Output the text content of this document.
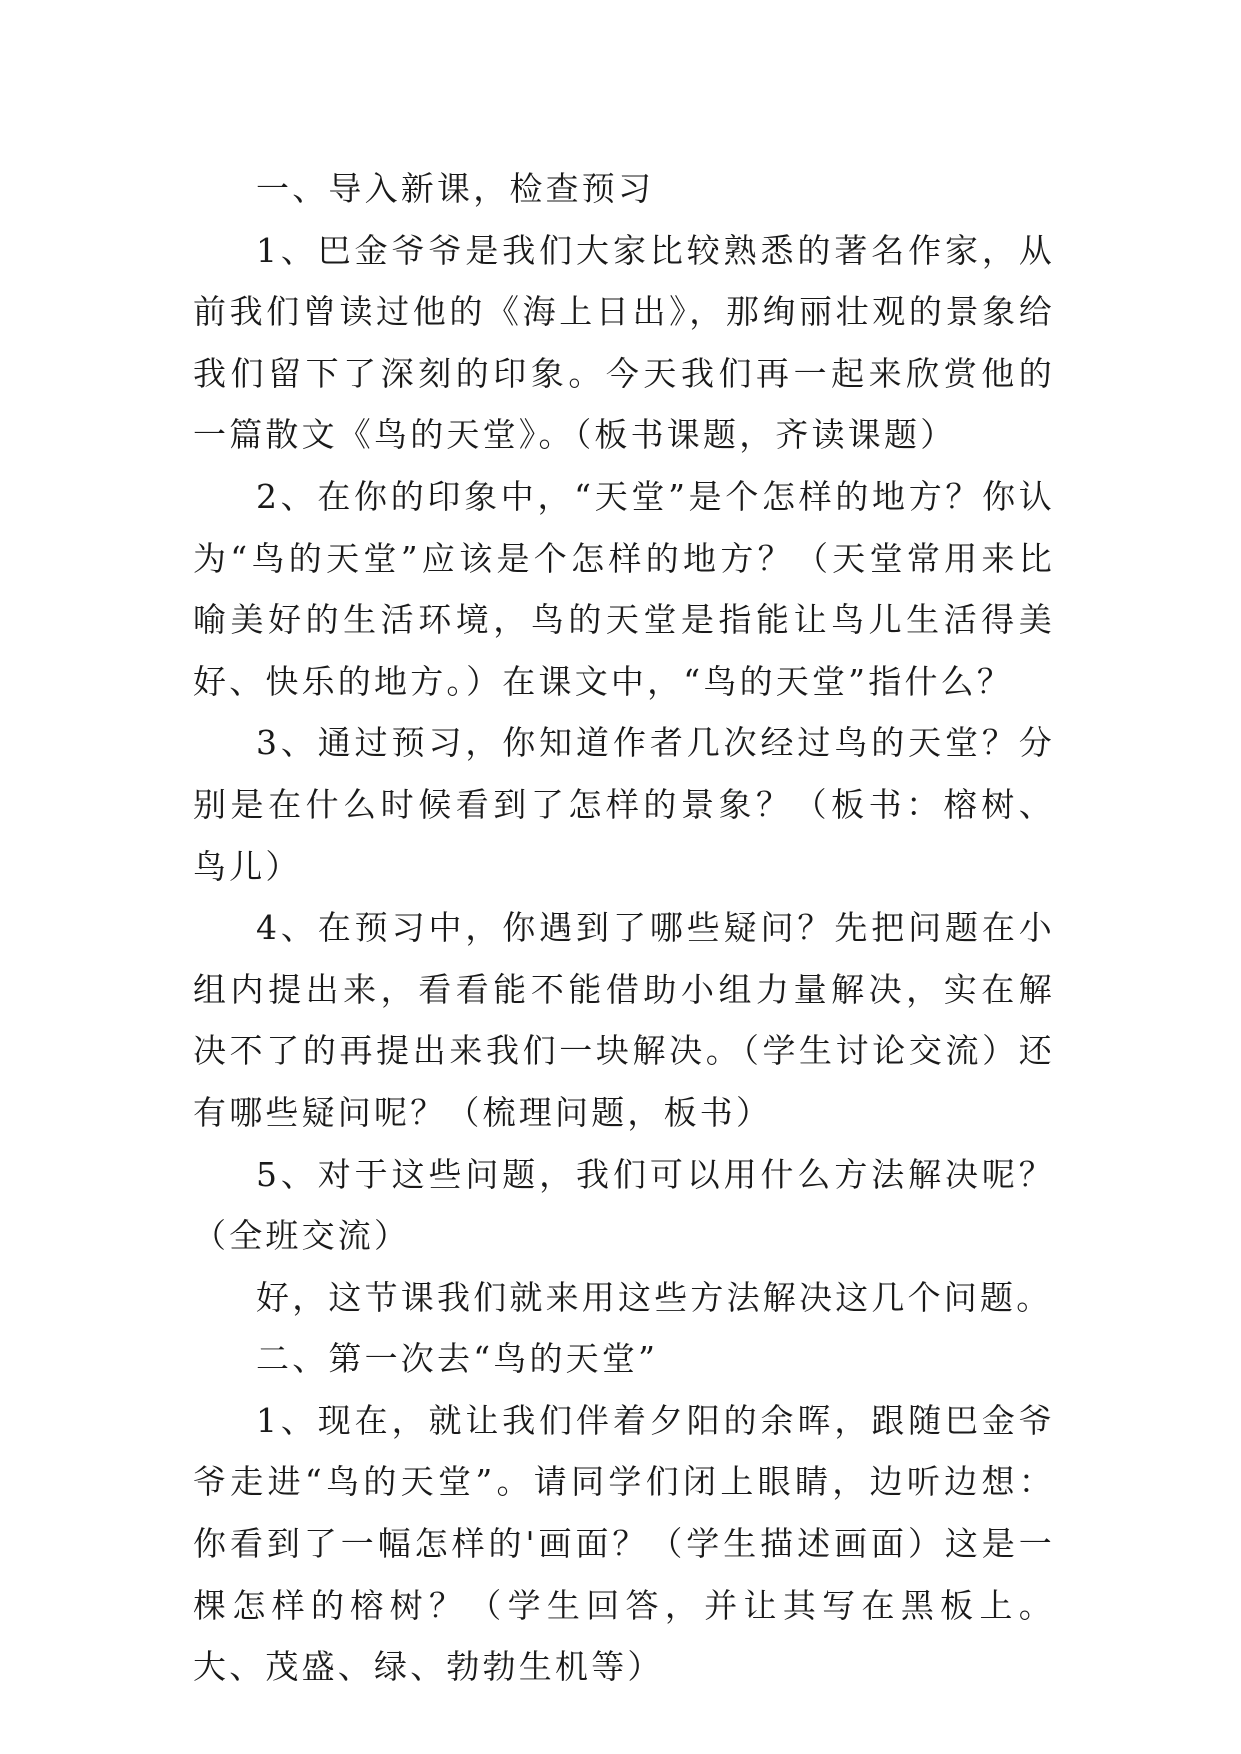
一、导入新课，检查预习

1、巴金爷爷是我们大家比较熟悉的著名作家，从前我们曾读过他的《海上日出》，那绚丽壮观的景象给我们留下了深刻的印象。今天我们再一起来欣赏他的一篇散文《鸟的天堂》。（板书课题，齐读课题）

2、在你的印象中，“天堂”是个怎样的地方？你认为“鸟的天堂”应该是个怎样的地方？（天堂常用来比喻美好的生活环境，鸟的天堂是指能让鸟儿生活得美好、快乐的地方。）在课文中，“鸟的天堂”指什么？

3、通过预习，你知道作者几次经过鸟的天堂？分别是在什么时候看到了怎样的景象？（板书：榕树、鸟儿）

4、在预习中，你遇到了哪些疑问？先把问题在小组内提出来，看看能不能借助小组力量解决，实在解决不了的再提出来我们一块解决。（学生讨论交流）还有哪些疑问呢？（梳理问题，板书）

5、对于这些问题，我们可以用什么方法解决呢？（全班交流）

好，这节课我们就来用这些方法解决这几个问题。

二、第一次去“鸟的天堂”

1、现在，就让我们伴着夕阳的余晖，跟随巴金爷爷走进“鸟的天堂”。请同学们闭上眼睛，边听边想：你看到了一幅怎样的'画面？（学生描述画面）这是一棵怎样的榕树？（学生回答，并让其写在黑板上。大、茂盛、绿、勃勃生机等）
